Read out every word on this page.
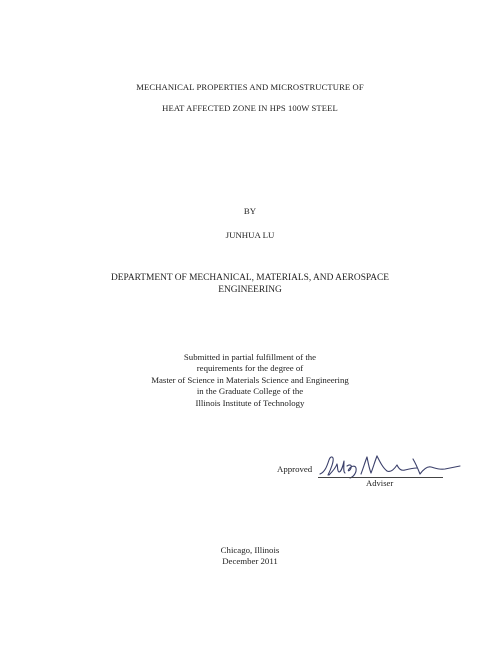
MECHANICAL PROPERTIES AND MICROSTRUCTURE OF
HEAT AFFECTED ZONE IN HPS 100W STEEL
BY
JUNHUA LU
DEPARTMENT OF MECHANICAL, MATERIALS, AND AEROSPACE
ENGINEERING
Submitted in partial fulfillment of the
requirements for the degree of
Master of Science in Materials Science and Engineering
in the Graduate College of the
Illinois Institute of Technology
Approved
Adviser
Chicago, Illinois
December 2011
